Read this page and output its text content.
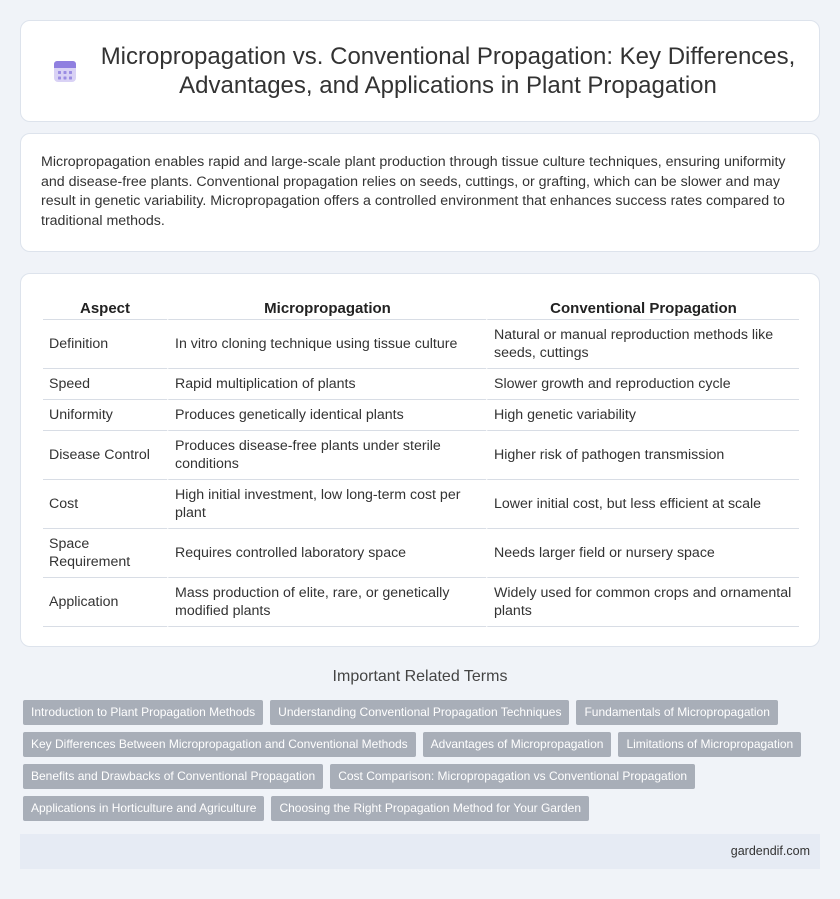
Micropropagation vs. Conventional Propagation: Key Differences, Advantages, and Applications in Plant Propagation

Micropropagation enables rapid and large-scale plant production through tissue culture techniques, ensuring uniformity and disease-free plants. Conventional propagation relies on seeds, cuttings, or grafting, which can be slower and may result in genetic variability. Micropropagation offers a controlled environment that enhances success rates compared to traditional methods.

Aspect	Micropropagation	Conventional Propagation
Definition	In vitro cloning technique using tissue culture	Natural or manual reproduction methods like seeds, cuttings
Speed	Rapid multiplication of plants	Slower growth and reproduction cycle
Uniformity	Produces genetically identical plants	High genetic variability
Disease Control	Produces disease-free plants under sterile conditions	Higher risk of pathogen transmission
Cost	High initial investment, low long-term cost per plant	Lower initial cost, but less efficient at scale
Space Requirement	Requires controlled laboratory space	Needs larger field or nursery space
Application	Mass production of elite, rare, or genetically modified plants	Widely used for common crops and ornamental plants
Important Related Terms
Introduction to Plant Propagation Methods	Understanding Conventional Propagation Techniques	Fundamentals of Micropropagation
Key Differences Between Micropropagation and Conventional Methods	Advantages of Micropropagation	Limitations of Micropropagation
Benefits and Drawbacks of Conventional Propagation	Cost Comparison: Micropropagation vs Conventional Propagation
Applications in Horticulture and Agriculture	Choosing the Right Propagation Method for Your Garden
gardendif.com
